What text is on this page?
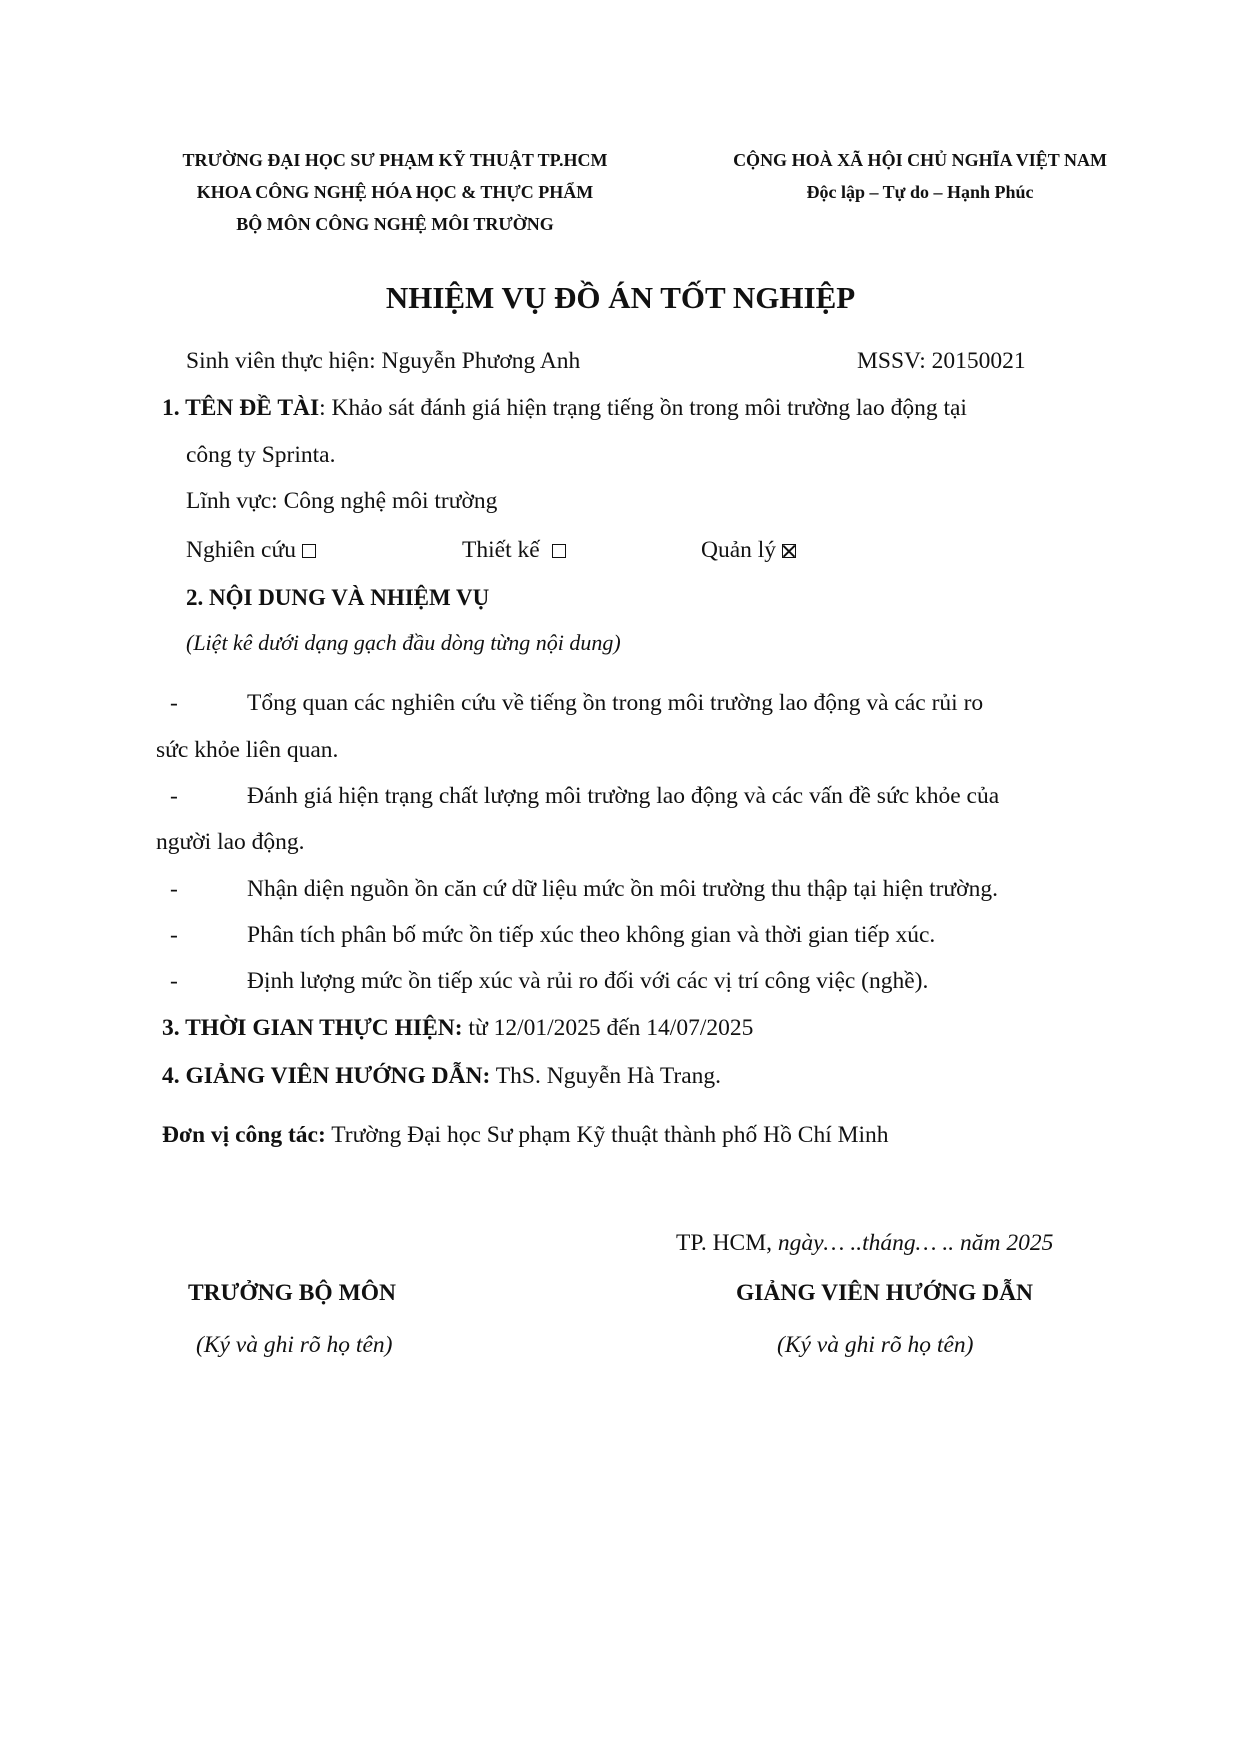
TRƯỜNG ĐẠI HỌC SƯ PHẠM KỸ THUẬT TP.HCM
KHOA CÔNG NGHỆ HÓA HỌC & THỰC PHẨM
BỘ MÔN CÔNG NGHỆ MÔI TRƯỜNG
CỘNG HOÀ XÃ HỘI CHỦ NGHĨA VIỆT NAM
Độc lập – Tự do – Hạnh Phúc
NHIỆM VỤ ĐỒ ÁN TỐT NGHIỆP
Sinh viên thực hiện: Nguyễn Phương Anh	MSSV: 20150021
1. TÊN ĐỀ TÀI: Khảo sát đánh giá hiện trạng tiếng ồn trong môi trường lao động tại
công ty Sprinta.
Lĩnh vực: Công nghệ môi trường
Nghiên cứu	Thiết kế	Quản lý
2. NỘI DUNG VÀ NHIỆM VỤ
(Liệt kê dưới dạng gạch đầu dòng từng nội dung)
-	Tổng quan các nghiên cứu về tiếng ồn trong môi trường lao động và các rủi ro
sức khỏe liên quan.
-	Đánh giá hiện trạng chất lượng môi trường lao động và các vấn đề sức khỏe của
người lao động.
-	Nhận diện nguồn ồn căn cứ dữ liệu mức ồn môi trường thu thập tại hiện trường.
-	Phân tích phân bố mức ồn tiếp xúc theo không gian và thời gian tiếp xúc.
-	Định lượng mức ồn tiếp xúc và rủi ro đối với các vị trí công việc (nghề).
3. THỜI GIAN THỰC HIỆN: từ 12/01/2025 đến 14/07/2025
4. GIẢNG VIÊN HƯỚNG DẪN: ThS. Nguyễn Hà Trang.
Đơn vị công tác: Trường Đại học Sư phạm Kỹ thuật thành phố Hồ Chí Minh
TP. HCM, ngày… ..tháng… .. năm 2025
TRƯỞNG BỘ MÔN
(Ký và ghi rõ họ tên)
GIẢNG VIÊN HƯỚNG DẪN
(Ký và ghi rõ họ tên)
